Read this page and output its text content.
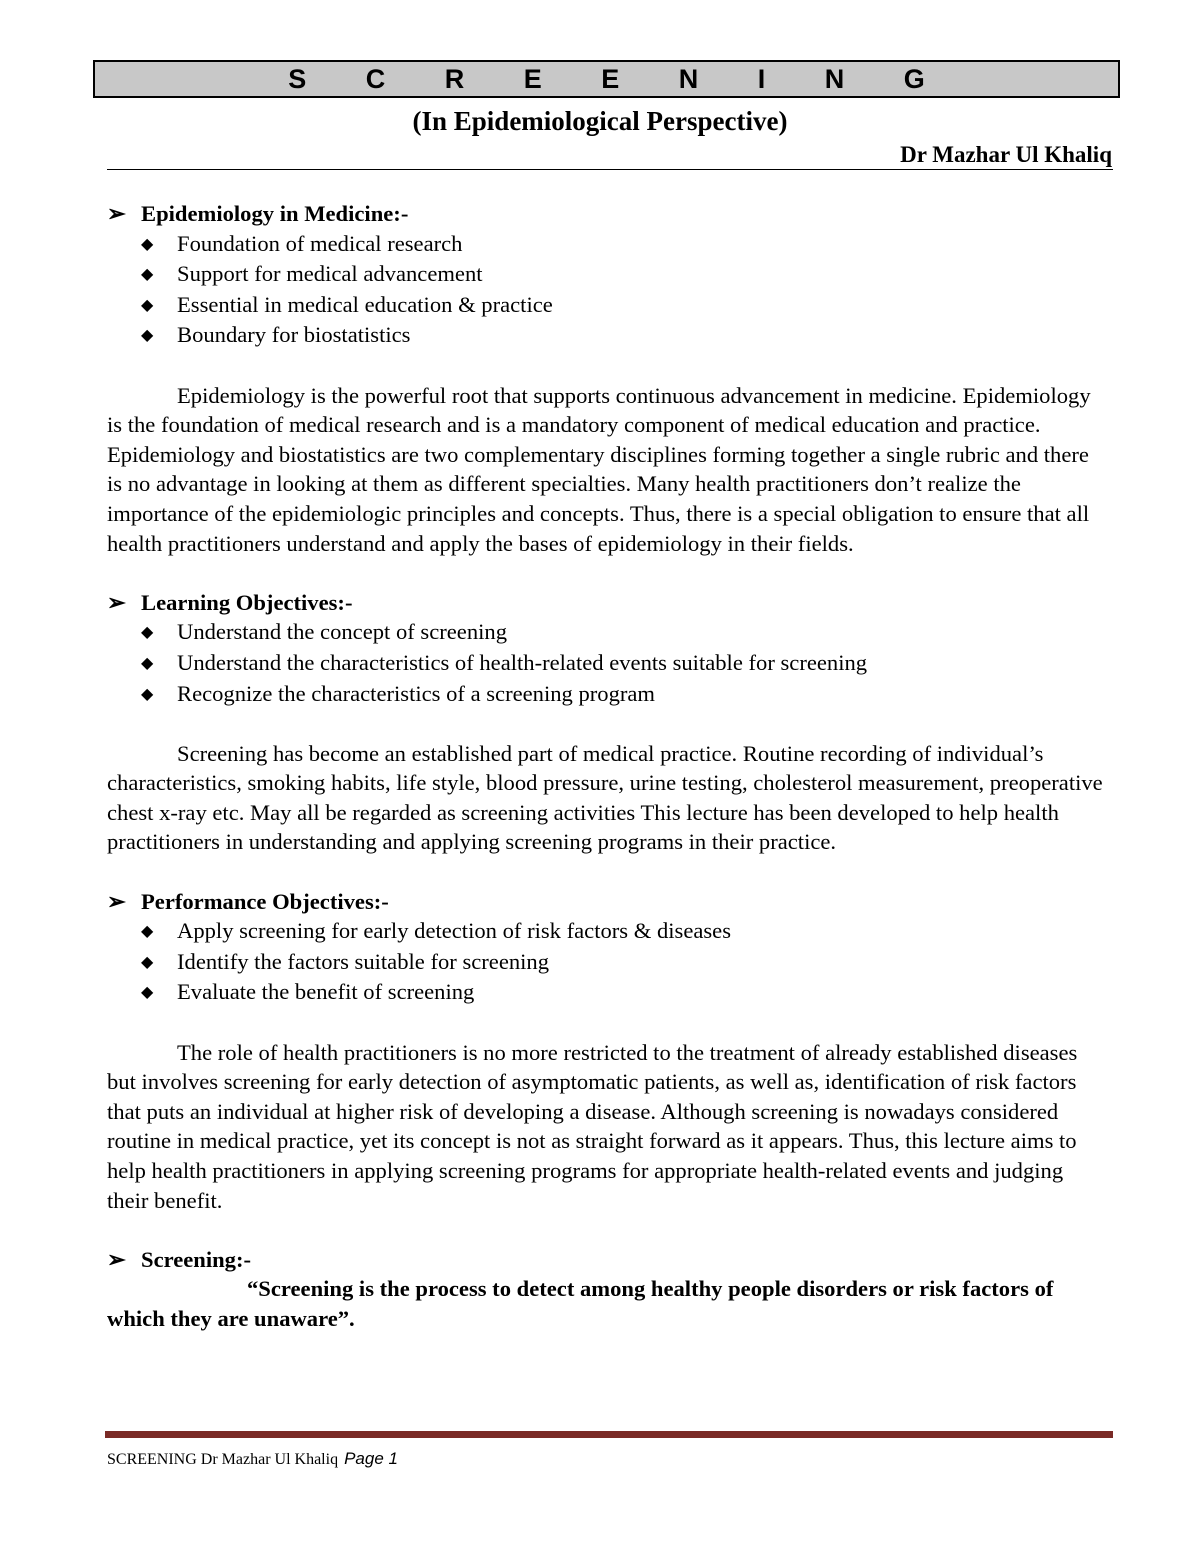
S C R E E N I N G
(In Epidemiological Perspective)
Dr Mazhar Ul Khaliq

➢ Epidemiology in Medicine:-

◆ Foundation of medical research
◆ Support for medical advancement
◆ Essential in medical education & practice
◆ Boundary for biostatistics

Epidemiology is the powerful root that supports continuous advancement in medicine. Epidemiology is the foundation of medical research and is a mandatory component of medical education and practice. Epidemiology and biostatistics are two complementary disciplines forming together a single rubric and there is no advantage in looking at them as different specialties. Many health practitioners don’t realize the importance of the epidemiologic principles and concepts. Thus, there is a special obligation to ensure that all health practitioners understand and apply the bases of epidemiology in their fields.

➢ Learning Objectives:-

◆ Understand the concept of screening
◆ Understand the characteristics of health-related events suitable for screening
◆ Recognize the characteristics of a screening program

Screening has become an established part of medical practice. Routine recording of individual’s characteristics, smoking habits, life style, blood pressure, urine testing, cholesterol measurement, preoperative chest x-ray etc. May all be regarded as screening activities This lecture has been developed to help health practitioners in understanding and applying screening programs in their practice.

➢ Performance Objectives:-

◆ Apply screening for early detection of risk factors & diseases
◆ Identify the factors suitable for screening
◆ Evaluate the benefit of screening

The role of health practitioners is no more restricted to the treatment of already established diseases but involves screening for early detection of asymptomatic patients, as well as, identification of risk factors that puts an individual at higher risk of developing a disease. Although screening is nowadays considered routine in medical practice, yet its concept is not as straight forward as it appears. Thus, this lecture aims to help health practitioners in applying screening programs for appropriate health-related events and judging their benefit.

➢ Screening:-

“Screening is the process to detect among healthy people disorders or risk factors of which they are unaware”.

SCREENING Dr Mazhar Ul Khaliq Page 1
